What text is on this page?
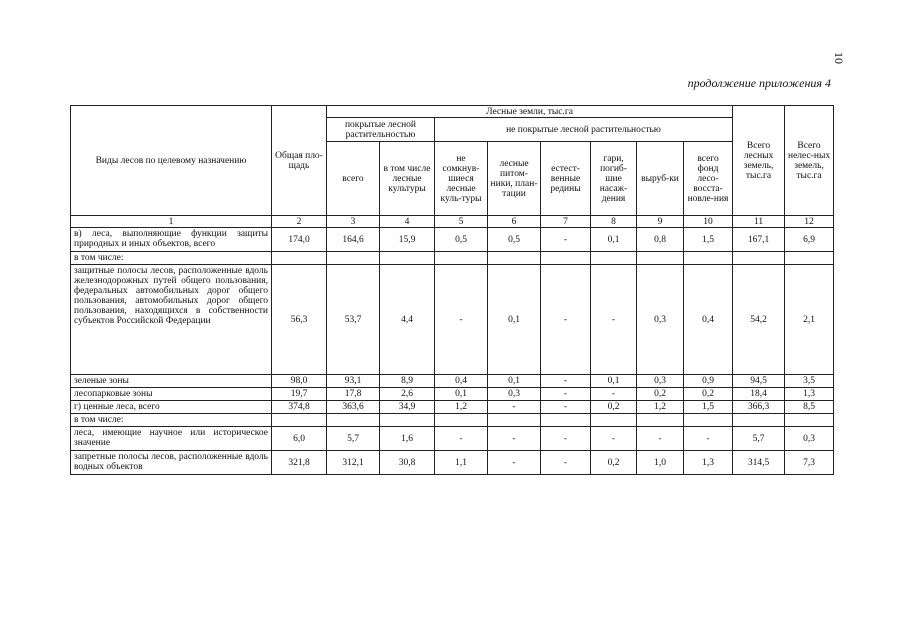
10
продолжение приложения 4
Виды лесов по целевому назначению	Общая пло-щадь	Лесные земли, тыс.га								Всего лесных земель, тыс.га	Всего нелес-ных земель, тыс.га
		покрытые лесной растительностью		не покрытые лесной растительностью							
		всего	в том числе лесные культуры	не сомкнув-шиеся лесные куль-туры	лесные питом-ники, план-тации	естест-венные редины	гари, погиб-шие насаж-дения	выруб-ки	всего фонд лесо-восста-новле-ния		
1	2	3	4	5	6	7	8	9	10	11	12
в) леса, выполняющие функции защиты природных и иных объектов, всего	174,0	164,6	15,9	0,5	0,5	-	0,1	0,8	1,5	167,1	6,9
в том числе:											
защитные полосы лесов, расположенные вдоль железнодорожных путей общего пользования, федеральных автомобильных дорог общего пользования, автомобильных дорог общего пользования, находящихся в собственности субъектов Российской Федерации	56,3	53,7	4,4	-	0,1	-	-	0,3	0,4	54,2	2,1
зеленые зоны	98,0	93,1	8,9	0,4	0,1	-	0,1	0,3	0,9	94,5	3,5
лесопарковые зоны	19,7	17,8	2,6	0,1	0,3	-	-	0,2	0,2	18,4	1,3
г) ценные леса, всего	374,8	363,6	34,9	1,2	-	-	0,2	1,2	1,5	366,3	8,5
в том числе:											
леса, имеющие научное или историческое значение	6,0	5,7	1,6	-	-	-	-	-	-	5,7	0,3
запретные полосы лесов, расположенные вдоль водных объектов	321,8	312,1	30,8	1,1	-	-	0,2	1,0	1,3	314,5	7,3
